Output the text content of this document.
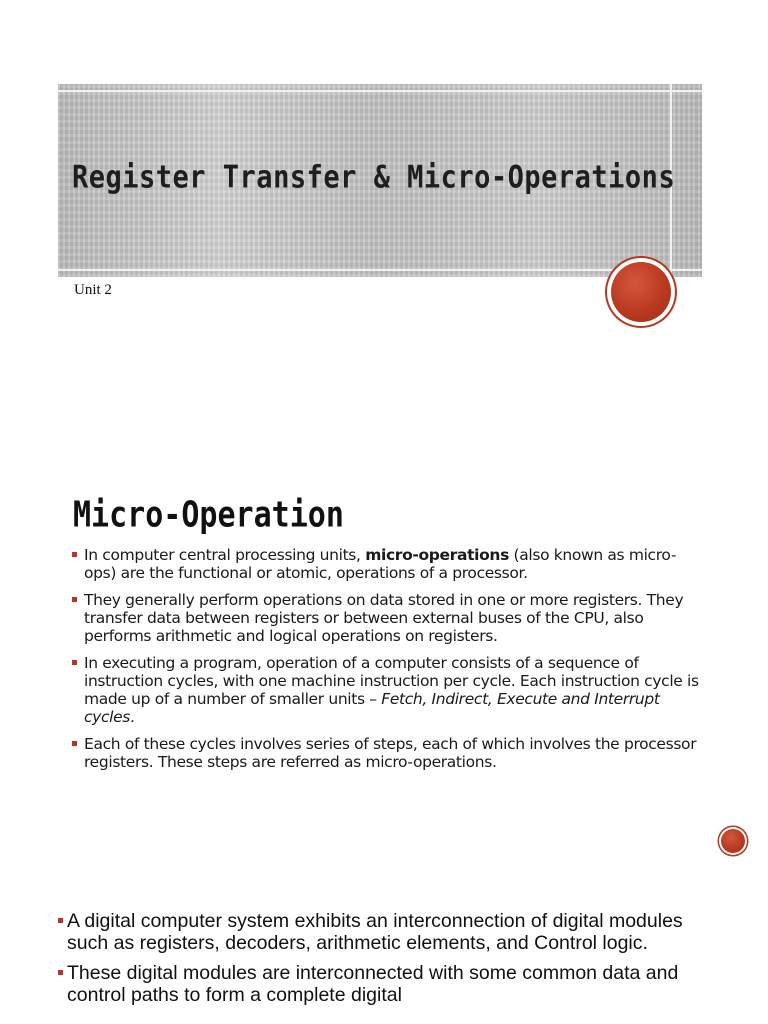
Register Transfer & Micro-Operations
Unit 2
Micro-Operation
In computer central processing units, micro-operations (also known as micro-ops) are the functional or atomic, operations of a processor.
They generally perform operations on data stored in one or more registers. They transfer data between registers or between external buses of the CPU, also performs arithmetic and logical operations on registers.
In executing a program, operation of a computer consists of a sequence of instruction cycles, with one machine instruction per cycle. Each instruction cycle is made up of a number of smaller units – Fetch, Indirect, Execute and Interrupt cycles.
Each of these cycles involves series of steps, each of which involves the processor registers. These steps are referred as micro-operations.
A digital computer system exhibits an interconnection of digital modules such as registers, decoders, arithmetic elements, and Control logic.
These digital modules are interconnected with some common data and control paths to form a complete digital
